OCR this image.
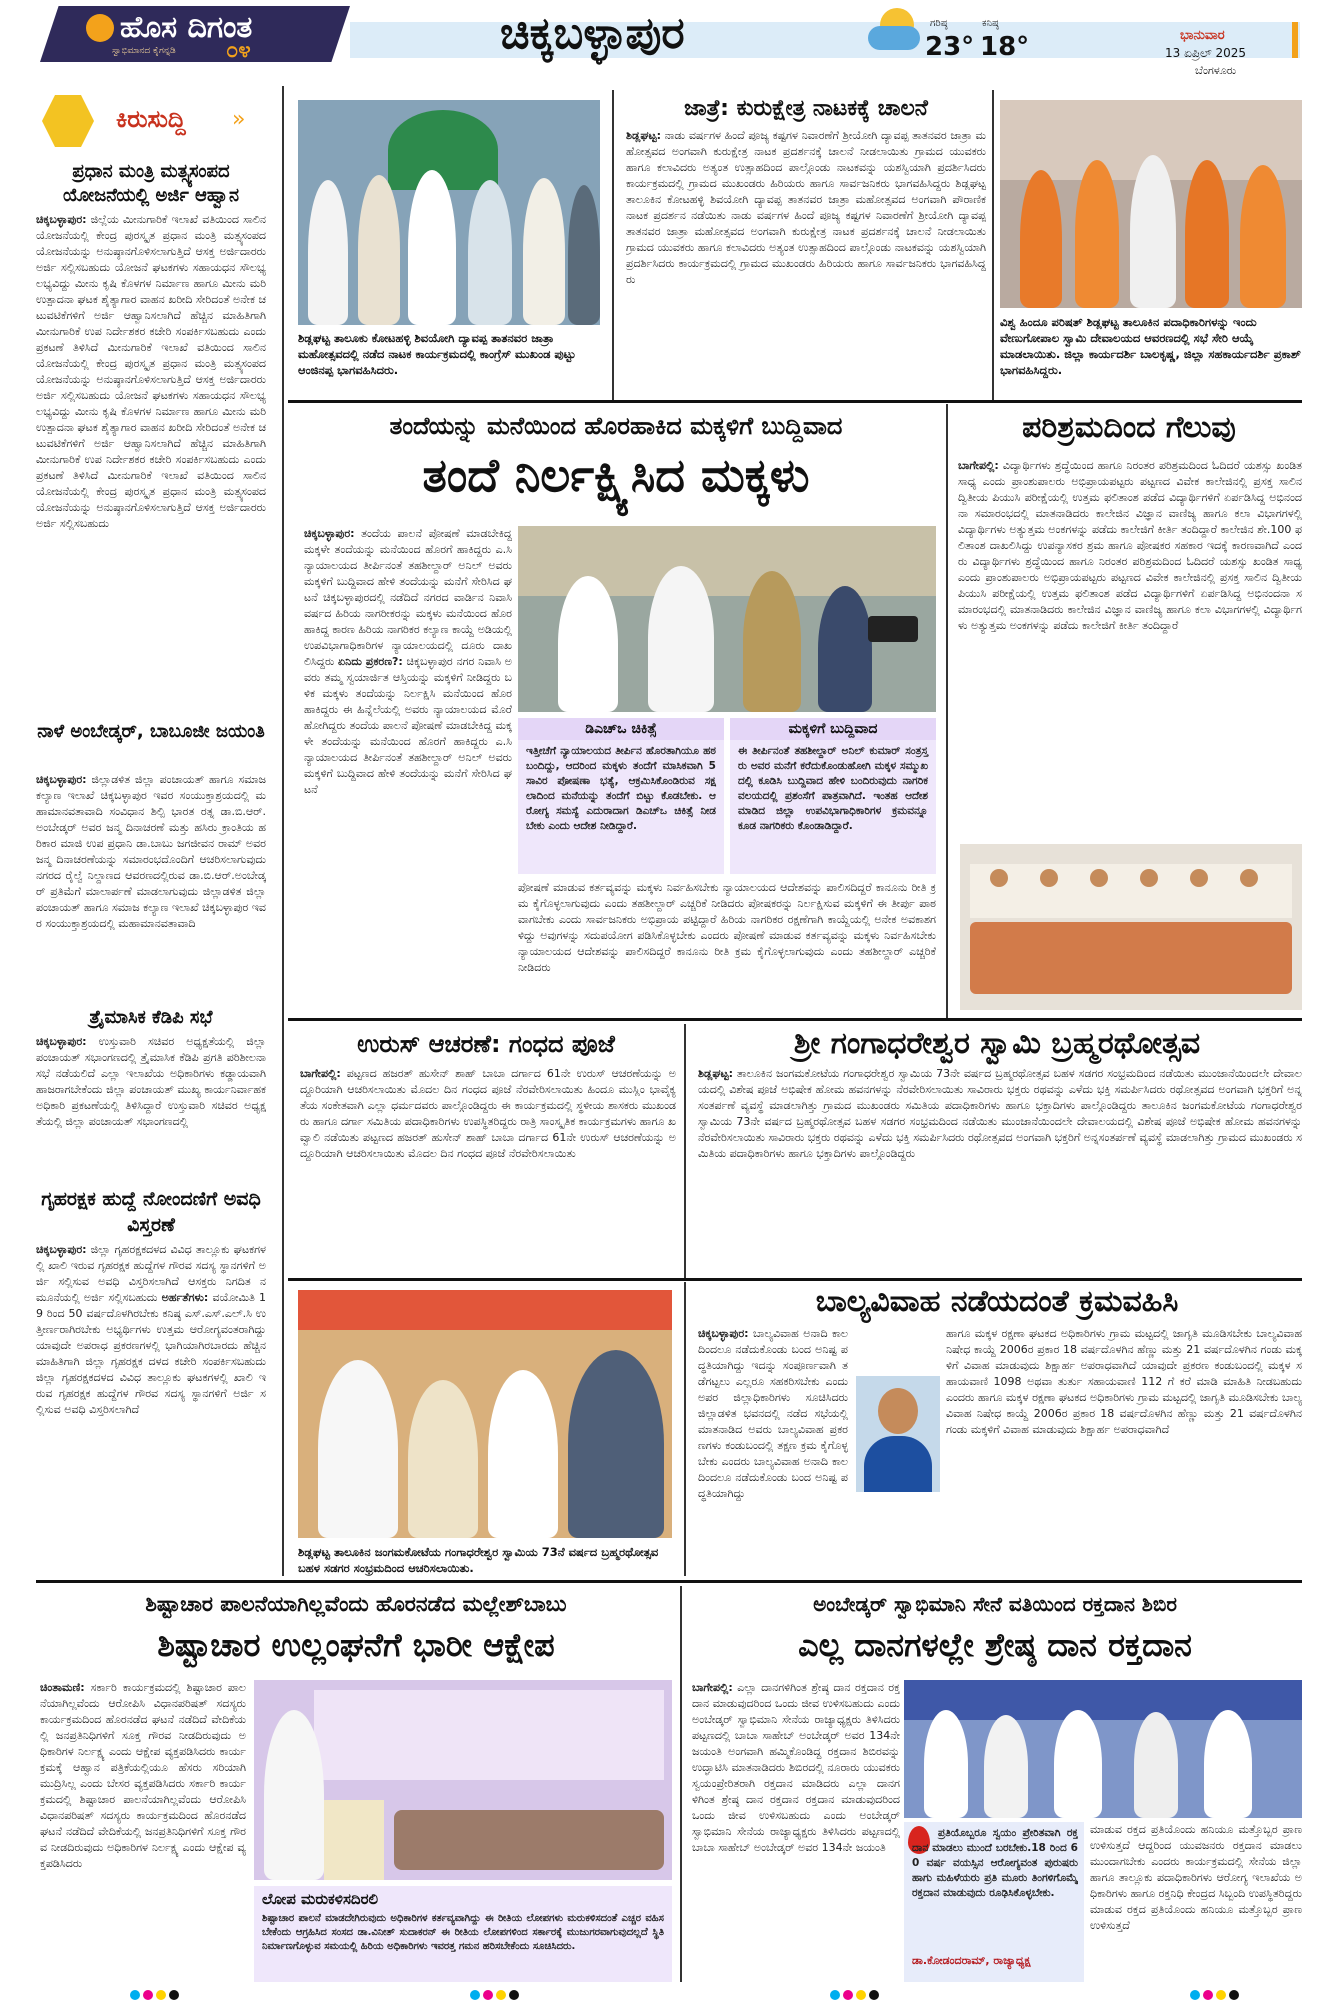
ಹೊಸ ದಿಗಂತ
ಸ್ವಾಭಿಮಾನದ ಕೈಗನ್ನಡಿ ೦೪	ಚಿಕ್ಕಬಳ್ಳಾಪುರ	ಗರಿಷ್ಠ
23°
ಕನಿಷ್ಠ
18°	ಭಾನುವಾರ
13 ಏಪ್ರಿಲ್ 2025
ಬೆಂಗಳೂರು
ಕಿರುಸುದ್ದಿ »
ಪ್ರಧಾನ ಮಂತ್ರಿ ಮತ್ಸ್ಯಸಂಪದ ಯೋಜನೆಯಲ್ಲಿ ಅರ್ಜಿ ಆಹ್ವಾನ
ಚಿಕ್ಕಬಳ್ಳಾಪುರ: ಜಿಲ್ಲೆಯ ಮೀನುಗಾರಿಕೆ ಇಲಾಖೆ ವತಿಯಿಂದ ಸಾಲಿನ ಯೋಜನೆಯಲ್ಲಿ ಕೇಂದ್ರ ಪುರಸ್ಕೃತ ಪ್ರಧಾನ ಮಂತ್ರಿ ಮತ್ಸ್ಯಸಂಪದ ಯೋಜನೆಯನ್ನು ಅನುಷ್ಠಾನಗೊಳಿಸಲಾಗುತ್ತಿದೆ ಆಸಕ್ತ ಅರ್ಜಿದಾರರು ಅರ್ಜಿ ಸಲ್ಲಿಸಬಹುದು ಯೋಜನೆ ಘಟಕಗಳು ಸಹಾಯಧನ ಸೌಲಭ್ಯ ಲಭ್ಯವಿದ್ದು ಮೀನು ಕೃಷಿ ಕೊಳಗಳ ನಿರ್ಮಾಣ ಹಾಗೂ ಮೀನು ಮರಿ ಉತ್ಪಾದನಾ ಘಟಕ ಶೈತ್ಯಾಗಾರ ವಾಹನ ಖರೀದಿ ಸೇರಿದಂತೆ ಅನೇಕ ಚಟುವಟಿಕೆಗಳಿಗೆ ಅರ್ಜಿ ಆಹ್ವಾನಿಸಲಾಗಿದೆ ಹೆಚ್ಚಿನ ಮಾಹಿತಿಗಾಗಿ ಮೀನುಗಾರಿಕೆ ಉಪ ನಿರ್ದೇಶಕರ ಕಚೇರಿ ಸಂಪರ್ಕಿಸಬಹುದು ಎಂದು ಪ್ರಕಟಣೆ ತಿಳಿಸಿದೆ ಮೀನುಗಾರಿಕೆ ಇಲಾಖೆ ವತಿಯಿಂದ ಸಾಲಿನ ಯೋಜನೆಯಲ್ಲಿ ಕೇಂದ್ರ ಪುರಸ್ಕೃತ ಪ್ರಧಾನ ಮಂತ್ರಿ ಮತ್ಸ್ಯಸಂಪದ ಯೋಜನೆಯನ್ನು ಅನುಷ್ಠಾನಗೊಳಿಸಲಾಗುತ್ತಿದೆ ಆಸಕ್ತ ಅರ್ಜಿದಾರರು ಅರ್ಜಿ ಸಲ್ಲಿಸಬಹುದು ಯೋಜನೆ ಘಟಕಗಳು ಸಹಾಯಧನ ಸೌಲಭ್ಯ ಲಭ್ಯವಿದ್ದು ಮೀನು ಕೃಷಿ ಕೊಳಗಳ ನಿರ್ಮಾಣ ಹಾಗೂ ಮೀನು ಮರಿ ಉತ್ಪಾದನಾ ಘಟಕ ಶೈತ್ಯಾಗಾರ ವಾಹನ ಖರೀದಿ ಸೇರಿದಂತೆ ಅನೇಕ ಚಟುವಟಿಕೆಗಳಿಗೆ ಅರ್ಜಿ ಆಹ್ವಾನಿಸಲಾಗಿದೆ ಹೆಚ್ಚಿನ ಮಾಹಿತಿಗಾಗಿ ಮೀನುಗಾರಿಕೆ ಉಪ ನಿರ್ದೇಶಕರ ಕಚೇರಿ ಸಂಪರ್ಕಿಸಬಹುದು ಎಂದು ಪ್ರಕಟಣೆ ತಿಳಿಸಿದೆ ಮೀನುಗಾರಿಕೆ ಇಲಾಖೆ ವತಿಯಿಂದ ಸಾಲಿನ ಯೋಜನೆಯಲ್ಲಿ ಕೇಂದ್ರ ಪುರಸ್ಕೃತ ಪ್ರಧಾನ ಮಂತ್ರಿ ಮತ್ಸ್ಯಸಂಪದ ಯೋಜನೆಯನ್ನು ಅನುಷ್ಠಾನಗೊಳಿಸಲಾಗುತ್ತಿದೆ ಆಸಕ್ತ ಅರ್ಜಿದಾರರು ಅರ್ಜಿ ಸಲ್ಲಿಸಬಹುದು
ನಾಳೆ ಅಂಬೇಡ್ಕರ್, ಬಾಬೂಜೀ ಜಯಂತಿ
ಚಿಕ್ಕಬಳ್ಳಾಪುರ: ಜಿಲ್ಲಾಡಳಿತ ಜಿಲ್ಲಾ ಪಂಚಾಯತ್ ಹಾಗೂ ಸಮಾಜ ಕಲ್ಯಾಣ ಇಲಾಖೆ ಚಿಕ್ಕಬಳ್ಳಾಪುರ ಇವರ ಸಂಯುಕ್ತಾಶ್ರಯದಲ್ಲಿ ಮಹಾಮಾನವತಾವಾದಿ ಸಂವಿಧಾನ ಶಿಲ್ಪಿ ಭಾರತ ರತ್ನ ಡಾ.ಬಿ.ಆರ್.ಅಂಬೇಡ್ಕರ್ ಅವರ ಜನ್ಮ ದಿನಾಚರಣೆ ಮತ್ತು ಹಸಿರು ಕ್ರಾಂತಿಯ ಹರಿಕಾರ ಮಾಜಿ ಉಪ ಪ್ರಧಾನಿ ಡಾ.ಬಾಬು ಜಗಜೀವನ ರಾಮ್ ಅವರ ಜನ್ಮ ದಿನಾಚರಣೆಯನ್ನು ಸಮಾರಂಭದೊಂದಿಗೆ ಆಚರಿಸಲಾಗುವುದು ನಗರದ ರೈಲ್ವೆ ನಿಲ್ದಾಣದ ಆವರಣದಲ್ಲಿರುವ ಡಾ.ಬಿ.ಆರ್.ಅಂಬೇಡ್ಕರ್ ಪ್ರತಿಮೆಗೆ ಮಾಲಾರ್ಪಣೆ ಮಾಡಲಾಗುವುದು ಜಿಲ್ಲಾಡಳಿತ ಜಿಲ್ಲಾ ಪಂಚಾಯತ್ ಹಾಗೂ ಸಮಾಜ ಕಲ್ಯಾಣ ಇಲಾಖೆ ಚಿಕ್ಕಬಳ್ಳಾಪುರ ಇವರ ಸಂಯುಕ್ತಾಶ್ರಯದಲ್ಲಿ ಮಹಾಮಾನವತಾವಾದಿ
ತ್ರೈಮಾಸಿಕ ಕೆಡಿಪಿ ಸಭೆ
ಚಿಕ್ಕಬಳ್ಳಾಪುರ: ಉಸ್ತುವಾರಿ ಸಚಿವರ ಅಧ್ಯಕ್ಷತೆಯಲ್ಲಿ ಜಿಲ್ಲಾ ಪಂಚಾಯತ್ ಸಭಾಂಗಣದಲ್ಲಿ ತ್ರೈಮಾಸಿಕ ಕೆಡಿಪಿ ಪ್ರಗತಿ ಪರಿಶೀಲನಾ ಸಭೆ ನಡೆಯಲಿದೆ ಎಲ್ಲಾ ಇಲಾಖೆಯ ಅಧಿಕಾರಿಗಳು ಕಡ್ಡಾಯವಾಗಿ ಹಾಜರಾಗಬೇಕೆಂದು ಜಿಲ್ಲಾ ಪಂಚಾಯತ್ ಮುಖ್ಯ ಕಾರ್ಯನಿರ್ವಾಹಕ ಅಧಿಕಾರಿ ಪ್ರಕಟಣೆಯಲ್ಲಿ ತಿಳಿಸಿದ್ದಾರೆ ಉಸ್ತುವಾರಿ ಸಚಿವರ ಅಧ್ಯಕ್ಷತೆಯಲ್ಲಿ ಜಿಲ್ಲಾ ಪಂಚಾಯತ್ ಸಭಾಂಗಣದಲ್ಲಿ
ಗೃಹರಕ್ಷಕ ಹುದ್ದೆ ನೋಂದಣಿಗೆ ಅವಧಿ ವಿಸ್ತರಣೆ
ಚಿಕ್ಕಬಳ್ಳಾಪುರ: ಜಿಲ್ಲಾ ಗೃಹರಕ್ಷಕದಳದ ವಿವಿಧ ತಾಲ್ಲೂಕು ಘಟಕಗಳಲ್ಲಿ ಖಾಲಿ ಇರುವ ಗೃಹರಕ್ಷಕ ಹುದ್ದೆಗಳ ಗೌರವ ಸದಸ್ಯ ಸ್ಥಾನಗಳಿಗೆ ಅರ್ಜಿ ಸಲ್ಲಿಸುವ ಅವಧಿ ವಿಸ್ತರಿಸಲಾಗಿದೆ ಆಸಕ್ತರು ನಿಗದಿತ ನಮೂನೆಯಲ್ಲಿ ಅರ್ಜಿ ಸಲ್ಲಿಸಬಹುದು ಅರ್ಹತೆಗಳು: ವಯೋಮಿತಿ 19 ರಿಂದ 50 ವರ್ಷದೊಳಗಿರಬೇಕು ಕನಿಷ್ಠ ಎಸ್.ಎಸ್.ಎಲ್.ಸಿ ಉತ್ತೀರ್ಣರಾಗಿರಬೇಕು ಅಭ್ಯರ್ಥಿಗಳು ಉತ್ತಮ ಆರೋಗ್ಯವಂತರಾಗಿದ್ದು ಯಾವುದೇ ಅಪರಾಧ ಪ್ರಕರಣಗಳಲ್ಲಿ ಭಾಗಿಯಾಗಿರಬಾರದು ಹೆಚ್ಚಿನ ಮಾಹಿತಿಗಾಗಿ ಜಿಲ್ಲಾ ಗೃಹರಕ್ಷಕ ದಳದ ಕಚೇರಿ ಸಂಪರ್ಕಿಸಬಹುದು ಜಿಲ್ಲಾ ಗೃಹರಕ್ಷಕದಳದ ವಿವಿಧ ತಾಲ್ಲೂಕು ಘಟಕಗಳಲ್ಲಿ ಖಾಲಿ ಇರುವ ಗೃಹರಕ್ಷಕ ಹುದ್ದೆಗಳ ಗೌರವ ಸದಸ್ಯ ಸ್ಥಾನಗಳಿಗೆ ಅರ್ಜಿ ಸಲ್ಲಿಸುವ ಅವಧಿ ವಿಸ್ತರಿಸಲಾಗಿದೆ
ಶಿಡ್ಲಘಟ್ಟ ತಾಲೂಕು ಕೋಟಹಳ್ಳಿ ಶಿವಯೋಗಿ ದ್ಯಾವಪ್ಪ ತಾತನವರ ಜಾತ್ರಾ ಮಹೋತ್ಸವದಲ್ಲಿ ನಡೆದ ನಾಟಕ ಕಾರ್ಯಕ್ರಮದಲ್ಲಿ ಕಾಂಗ್ರೆಸ್ ಮುಖಂಡ ಪುಟ್ಟು ಆಂಜಿನಪ್ಪ ಭಾಗವಹಿಸಿದರು.
ಜಾತ್ರೆ: ಕುರುಕ್ಷೇತ್ರ ನಾಟಕಕ್ಕೆ ಚಾಲನೆ
ಶಿಡ್ಲಘಟ್ಟ: ನಾಡು ವರ್ಷಗಳ ಹಿಂದೆ ಪೂಜ್ಯ ಕಷ್ಟಗಳ ನಿವಾರಣೆಗೆ ಶ್ರೀಯೋಗಿ ದ್ಯಾವಪ್ಪ ತಾತನವರ ಜಾತ್ರಾ ಮಹೋತ್ಸವದ ಅಂಗವಾಗಿ ಕುರುಕ್ಷೇತ್ರ ನಾಟಕ ಪ್ರದರ್ಶನಕ್ಕೆ ಚಾಲನೆ ನೀಡಲಾಯಿತು ಗ್ರಾಮದ ಯುವಕರು ಹಾಗೂ ಕಲಾವಿದರು ಅತ್ಯಂತ ಉತ್ಸಾಹದಿಂದ ಪಾಲ್ಗೊಂಡು ನಾಟಕವನ್ನು ಯಶಸ್ವಿಯಾಗಿ ಪ್ರದರ್ಶಿಸಿದರು ಕಾರ್ಯಕ್ರಮದಲ್ಲಿ ಗ್ರಾಮದ ಮುಖಂಡರು ಹಿರಿಯರು ಹಾಗೂ ಸಾರ್ವಜನಿಕರು ಭಾಗವಹಿಸಿದ್ದರು ಶಿಡ್ಲಘಟ್ಟ ತಾಲೂಕಿನ ಕೋಟಹಳ್ಳಿ ಶಿವಯೋಗಿ ದ್ಯಾವಪ್ಪ ತಾತನವರ ಜಾತ್ರಾ ಮಹೋತ್ಸವದ ಅಂಗವಾಗಿ ಪೌರಾಣಿಕ ನಾಟಕ ಪ್ರದರ್ಶನ ನಡೆಯಿತು ನಾಡು ವರ್ಷಗಳ ಹಿಂದೆ ಪೂಜ್ಯ ಕಷ್ಟಗಳ ನಿವಾರಣೆಗೆ ಶ್ರೀಯೋಗಿ ದ್ಯಾವಪ್ಪ ತಾತನವರ ಜಾತ್ರಾ ಮಹೋತ್ಸವದ ಅಂಗವಾಗಿ ಕುರುಕ್ಷೇತ್ರ ನಾಟಕ ಪ್ರದರ್ಶನಕ್ಕೆ ಚಾಲನೆ ನೀಡಲಾಯಿತು ಗ್ರಾಮದ ಯುವಕರು ಹಾಗೂ ಕಲಾವಿದರು ಅತ್ಯಂತ ಉತ್ಸಾಹದಿಂದ ಪಾಲ್ಗೊಂಡು ನಾಟಕವನ್ನು ಯಶಸ್ವಿಯಾಗಿ ಪ್ರದರ್ಶಿಸಿದರು ಕಾರ್ಯಕ್ರಮದಲ್ಲಿ ಗ್ರಾಮದ ಮುಖಂಡರು ಹಿರಿಯರು ಹಾಗೂ ಸಾರ್ವಜನಿಕರು ಭಾಗವಹಿಸಿದ್ದರು
ವಿಶ್ವ ಹಿಂದೂ ಪರಿಷತ್ ಶಿಡ್ಲಘಟ್ಟ ತಾಲೂಕಿನ ಪದಾಧಿಕಾರಿಗಳನ್ನು ಇಂದು ವೇಣುಗೋಪಾಲ ಸ್ವಾಮಿ ದೇವಾಲಯದ ಆವರಣದಲ್ಲಿ ಸಭೆ ಸೇರಿ ಆಯ್ಕೆ ಮಾಡಲಾಯಿತು. ಜಿಲ್ಲಾ ಕಾರ್ಯದರ್ಶಿ ಬಾಲಕೃಷ್ಣ, ಜಿಲ್ಲಾ ಸಹಕಾರ್ಯದರ್ಶಿ ಪ್ರಕಾಶ್ ಭಾಗವಹಿಸಿದ್ದರು.
ತಂದೆಯನ್ನು ಮನೆಯಿಂದ ಹೊರಹಾಕಿದ ಮಕ್ಕಳಿಗೆ ಬುದ್ದಿವಾದ
ತಂದೆ ನಿರ್ಲಕ್ಷ್ಯಿಸಿದ ಮಕ್ಕಳು
ಚಿಕ್ಕಬಳ್ಳಾಪುರ: ತಂದೆಯ ಪಾಲನೆ ಪೋಷಣೆ ಮಾಡಬೇಕಿದ್ದ ಮಕ್ಕಳೇ ತಂದೆಯನ್ನು ಮನೆಯಿಂದ ಹೊರಗೆ ಹಾಕಿದ್ದರು ಎ.ಸಿ ನ್ಯಾಯಾಲಯದ ತೀರ್ಪಿನಂತೆ ತಹಶೀಲ್ದಾರ್ ಅನಿಲ್ ಅವರು ಮಕ್ಕಳಿಗೆ ಬುದ್ದಿವಾದ ಹೇಳಿ ತಂದೆಯನ್ನು ಮನೆಗೆ ಸೇರಿಸಿದ ಘಟನೆ ಚಿಕ್ಕಬಳ್ಳಾಪುರದಲ್ಲಿ ನಡೆದಿದೆ ನಗರದ ವಾರ್ಡಿನ ನಿವಾಸಿ ವರ್ಷದ ಹಿರಿಯ ನಾಗರೀಕರನ್ನು ಮಕ್ಕಳು ಮನೆಯಿಂದ ಹೊರಹಾಕಿದ್ದ ಕಾರಣ ಹಿರಿಯ ನಾಗರಿಕರ ಕಲ್ಯಾಣ ಕಾಯ್ದೆ ಅಡಿಯಲ್ಲಿ ಉಪವಿಭಾಗಾಧಿಕಾರಿಗಳ ನ್ಯಾಯಾಲಯದಲ್ಲಿ ದೂರು ದಾಖಲಿಸಿದ್ದರು ಏನಿದು ಪ್ರಕರಣ?: ಚಿಕ್ಕಬಳ್ಳಾಪುರ ನಗರ ನಿವಾಸಿ ಅವರು ತಮ್ಮ ಸ್ವಯಾರ್ಜಿತ ಆಸ್ತಿಯನ್ನು ಮಕ್ಕಳಿಗೆ ನೀಡಿದ್ದರು ಬಳಿಕ ಮಕ್ಕಳು ತಂದೆಯನ್ನು ನಿರ್ಲಕ್ಷಿಸಿ ಮನೆಯಿಂದ ಹೊರಹಾಕಿದ್ದರು ಈ ಹಿನ್ನೆಲೆಯಲ್ಲಿ ಅವರು ನ್ಯಾಯಾಲಯದ ಮೊರೆ ಹೋಗಿದ್ದರು ತಂದೆಯ ಪಾಲನೆ ಪೋಷಣೆ ಮಾಡಬೇಕಿದ್ದ ಮಕ್ಕಳೇ ತಂದೆಯನ್ನು ಮನೆಯಿಂದ ಹೊರಗೆ ಹಾಕಿದ್ದರು ಎ.ಸಿ ನ್ಯಾಯಾಲಯದ ತೀರ್ಪಿನಂತೆ ತಹಶೀಲ್ದಾರ್ ಅನಿಲ್ ಅವರು ಮಕ್ಕಳಿಗೆ ಬುದ್ದಿವಾದ ಹೇಳಿ ತಂದೆಯನ್ನು ಮನೆಗೆ ಸೇರಿಸಿದ ಘಟನೆ
ಡಿಎಚ್‌ಒ ಚಿಕಿತ್ಸೆ
ಇತ್ತೀಚೆಗೆ ನ್ಯಾಯಾಲಯದ ತೀರ್ಪಿನ ಹೊರತಾಗಿಯೂ ಹಠ ಬಂದಿದ್ದು, ಆದರಿಂದ ಮಕ್ಕಳು ತಂದೆಗೆ ಮಾಸಿಕವಾಗಿ 5 ಸಾವಿರ ಪೋಷಣಾ ಭತ್ಯೆ, ಆಕ್ರಮಿಸಿಕೊಂಡಿರುವ ಸಕ್ಷಲಾದಿಂದ ಮನೆಯನ್ನು ತಂದೆಗೆ ಬಿಟ್ಟು ಕೊಡಬೇಕು. ಆರೋಗ್ಯ ಸಮಸ್ಯೆ ಎದುರಾದಾಗ ಡಿಎಚ್ಒ ಚಿಕಿತ್ಸೆ ನೀಡಬೇಕು ಎಂದು ಆದೇಶ ನೀಡಿದ್ದಾರೆ.
ಮಕ್ಕಳಿಗೆ ಬುದ್ದಿವಾದ
ಈ ತೀರ್ಪಿನಂತೆ ತಹಶೀಲ್ದಾರ್ ಅನಿಲ್ ಕುಮಾರ್ ಸಂತ್ರಸ್ತರು ಅವರ ಮನೆಗೆ ಕರೆದುಕೊಂಡುಹೋಗಿ ಮಕ್ಕಳ ಸಮ್ಮುಖದಲ್ಲಿ ಕೂಡಿಸಿ ಬುದ್ದಿವಾದ ಹೇಳಿ ಬಂದಿರುವುದು ನಾಗರಿಕ ವಲಯದಲ್ಲಿ ಪ್ರಶಂಸೆಗೆ ಪಾತ್ರವಾಗಿದೆ. ಇಂತಹ ಆದೇಶ ಮಾಡಿದ ಜಿಲ್ಲಾ ಉಪವಿಭಾಗಾಧಿಕಾರಿಗಳ ಕ್ರಮವನ್ನೂ ಕೂಡ ನಾಗರಿಕರು ಕೊಂಡಾಡಿದ್ದಾರೆ.
ಪೋಷಣೆ ಮಾಡುವ ಕರ್ತವ್ಯವನ್ನು ಮಕ್ಕಳು ನಿರ್ವಹಿಸಬೇಕು ನ್ಯಾಯಾಲಯದ ಆದೇಶವನ್ನು ಪಾಲಿಸದಿದ್ದರೆ ಕಾನೂನು ರೀತಿ ಕ್ರಮ ಕೈಗೊಳ್ಳಲಾಗುವುದು ಎಂದು ತಹಶೀಲ್ದಾರ್ ಎಚ್ಚರಿಕೆ ನೀಡಿದರು ಪೋಷಕರನ್ನು ನಿರ್ಲಕ್ಷಿಸುವ ಮಕ್ಕಳಿಗೆ ಈ ತೀರ್ಪು ಪಾಠವಾಗಬೇಕು ಎಂದು ಸಾರ್ವಜನಿಕರು ಅಭಿಪ್ರಾಯ ಪಟ್ಟಿದ್ದಾರೆ ಹಿರಿಯ ನಾಗರಿಕರ ರಕ್ಷಣೆಗಾಗಿ ಕಾಯ್ದೆಯಲ್ಲಿ ಅನೇಕ ಅವಕಾಶಗಳಿದ್ದು ಅವುಗಳನ್ನು ಸದುಪಯೋಗ ಪಡಿಸಿಕೊಳ್ಳಬೇಕು ಎಂದರು ಪೋಷಣೆ ಮಾಡುವ ಕರ್ತವ್ಯವನ್ನು ಮಕ್ಕಳು ನಿರ್ವಹಿಸಬೇಕು ನ್ಯಾಯಾಲಯದ ಆದೇಶವನ್ನು ಪಾಲಿಸದಿದ್ದರೆ ಕಾನೂನು ರೀತಿ ಕ್ರಮ ಕೈಗೊಳ್ಳಲಾಗುವುದು ಎಂದು ತಹಶೀಲ್ದಾರ್ ಎಚ್ಚರಿಕೆ ನೀಡಿದರು
ಪರಿಶ್ರಮದಿಂದ ಗೆಲುವು
ಬಾಗೇಪಲ್ಲಿ: ವಿದ್ಯಾರ್ಥಿಗಳು ಶ್ರದ್ಧೆಯಿಂದ ಹಾಗೂ ನಿರಂತರ ಪರಿಶ್ರಮದಿಂದ ಓದಿದರೆ ಯಶಸ್ಸು ಖಂಡಿತ ಸಾಧ್ಯ ಎಂದು ಪ್ರಾಂಶುಪಾಲರು ಅಭಿಪ್ರಾಯಪಟ್ಟರು ಪಟ್ಟಣದ ವಿವೇಕ ಕಾಲೇಜಿನಲ್ಲಿ ಪ್ರಸಕ್ತ ಸಾಲಿನ ದ್ವಿತೀಯ ಪಿಯುಸಿ ಪರೀಕ್ಷೆಯಲ್ಲಿ ಉತ್ತಮ ಫಲಿತಾಂಶ ಪಡೆದ ವಿದ್ಯಾರ್ಥಿಗಳಿಗೆ ಏರ್ಪಡಿಸಿದ್ದ ಅಭಿನಂದನಾ ಸಮಾರಂಭದಲ್ಲಿ ಮಾತನಾಡಿದರು ಕಾಲೇಜಿನ ವಿಜ್ಞಾನ ವಾಣಿಜ್ಯ ಹಾಗೂ ಕಲಾ ವಿಭಾಗಗಳಲ್ಲಿ ವಿದ್ಯಾರ್ಥಿಗಳು ಅತ್ಯುತ್ತಮ ಅಂಕಗಳನ್ನು ಪಡೆದು ಕಾಲೇಜಿಗೆ ಕೀರ್ತಿ ತಂದಿದ್ದಾರೆ ಕಾಲೇಜಿನ ಶೇ.100 ಫಲಿತಾಂಶ ದಾಖಲಿಸಿದ್ದು ಉಪನ್ಯಾಸಕರ ಶ್ರಮ ಹಾಗೂ ಪೋಷಕರ ಸಹಕಾರ ಇದಕ್ಕೆ ಕಾರಣವಾಗಿದೆ ಎಂದರು ವಿದ್ಯಾರ್ಥಿಗಳು ಶ್ರದ್ಧೆಯಿಂದ ಹಾಗೂ ನಿರಂತರ ಪರಿಶ್ರಮದಿಂದ ಓದಿದರೆ ಯಶಸ್ಸು ಖಂಡಿತ ಸಾಧ್ಯ ಎಂದು ಪ್ರಾಂಶುಪಾಲರು ಅಭಿಪ್ರಾಯಪಟ್ಟರು ಪಟ್ಟಣದ ವಿವೇಕ ಕಾಲೇಜಿನಲ್ಲಿ ಪ್ರಸಕ್ತ ಸಾಲಿನ ದ್ವಿತೀಯ ಪಿಯುಸಿ ಪರೀಕ್ಷೆಯಲ್ಲಿ ಉತ್ತಮ ಫಲಿತಾಂಶ ಪಡೆದ ವಿದ್ಯಾರ್ಥಿಗಳಿಗೆ ಏರ್ಪಡಿಸಿದ್ದ ಅಭಿನಂದನಾ ಸಮಾರಂಭದಲ್ಲಿ ಮಾತನಾಡಿದರು ಕಾಲೇಜಿನ ವಿಜ್ಞಾನ ವಾಣಿಜ್ಯ ಹಾಗೂ ಕಲಾ ವಿಭಾಗಗಳಲ್ಲಿ ವಿದ್ಯಾರ್ಥಿಗಳು ಅತ್ಯುತ್ತಮ ಅಂಕಗಳನ್ನು ಪಡೆದು ಕಾಲೇಜಿಗೆ ಕೀರ್ತಿ ತಂದಿದ್ದಾರೆ
ಉರುಸ್ ಆಚರಣೆ: ಗಂಧದ ಪೂಜೆ
ಬಾಗೇಪಲ್ಲಿ: ಪಟ್ಟಣದ ಹಜರತ್ ಹುಸೇನ್ ಶಾಹ್ ಬಾಬಾ ದರ್ಗಾದ 61ನೇ ಉರುಸ್ ಆಚರಣೆಯನ್ನು ಅದ್ದೂರಿಯಾಗಿ ಆಚರಿಸಲಾಯಿತು ಮೊದಲ ದಿನ ಗಂಧದ ಪೂಜೆ ನೆರವೇರಿಸಲಾಯಿತು ಹಿಂದೂ ಮುಸ್ಲಿಂ ಭಾವೈಕ್ಯತೆಯ ಸಂಕೇತವಾಗಿ ಎಲ್ಲಾ ಧರ್ಮದವರು ಪಾಲ್ಗೊಂಡಿದ್ದರು ಈ ಕಾರ್ಯಕ್ರಮದಲ್ಲಿ ಸ್ಥಳೀಯ ಶಾಸಕರು ಮುಖಂಡರು ಹಾಗೂ ದರ್ಗಾ ಸಮಿತಿಯ ಪದಾಧಿಕಾರಿಗಳು ಉಪಸ್ಥಿತರಿದ್ದರು ರಾತ್ರಿ ಸಾಂಸ್ಕೃತಿಕ ಕಾರ್ಯಕ್ರಮಗಳು ಹಾಗೂ ಖವ್ವಾಲಿ ನಡೆಯಿತು ಪಟ್ಟಣದ ಹಜರತ್ ಹುಸೇನ್ ಶಾಹ್ ಬಾಬಾ ದರ್ಗಾದ 61ನೇ ಉರುಸ್ ಆಚರಣೆಯನ್ನು ಅದ್ದೂರಿಯಾಗಿ ಆಚರಿಸಲಾಯಿತು ಮೊದಲ ದಿನ ಗಂಧದ ಪೂಜೆ ನೆರವೇರಿಸಲಾಯಿತು
ಶ್ರೀ ಗಂಗಾಧರೇಶ್ವರ ಸ್ವಾಮಿ ಬ್ರಹ್ಮರಥೋತ್ಸವ
ಶಿಡ್ಲಘಟ್ಟ: ತಾಲೂಕಿನ ಜಂಗಮಕೋಟೆಯ ಗಂಗಾಧರೇಶ್ವರ ಸ್ವಾಮಿಯ 73ನೇ ವರ್ಷದ ಬ್ರಹ್ಮರಥೋತ್ಸವ ಬಹಳ ಸಡಗರ ಸಂಭ್ರಮದಿಂದ ನಡೆಯಿತು ಮುಂಜಾನೆಯಿಂದಲೇ ದೇವಾಲಯದಲ್ಲಿ ವಿಶೇಷ ಪೂಜೆ ಅಭಿಷೇಕ ಹೋಮ ಹವನಗಳನ್ನು ನೆರವೇರಿಸಲಾಯಿತು ಸಾವಿರಾರು ಭಕ್ತರು ರಥವನ್ನು ಎಳೆದು ಭಕ್ತಿ ಸಮರ್ಪಿಸಿದರು ರಥೋತ್ಸವದ ಅಂಗವಾಗಿ ಭಕ್ತರಿಗೆ ಅನ್ನಸಂತರ್ಪಣೆ ವ್ಯವಸ್ಥೆ ಮಾಡಲಾಗಿತ್ತು ಗ್ರಾಮದ ಮುಖಂಡರು ಸಮಿತಿಯ ಪದಾಧಿಕಾರಿಗಳು ಹಾಗೂ ಭಕ್ತಾದಿಗಳು ಪಾಲ್ಗೊಂಡಿದ್ದರು ತಾಲೂಕಿನ ಜಂಗಮಕೋಟೆಯ ಗಂಗಾಧರೇಶ್ವರ ಸ್ವಾಮಿಯ 73ನೇ ವರ್ಷದ ಬ್ರಹ್ಮರಥೋತ್ಸವ ಬಹಳ ಸಡಗರ ಸಂಭ್ರಮದಿಂದ ನಡೆಯಿತು ಮುಂಜಾನೆಯಿಂದಲೇ ದೇವಾಲಯದಲ್ಲಿ ವಿಶೇಷ ಪೂಜೆ ಅಭಿಷೇಕ ಹೋಮ ಹವನಗಳನ್ನು ನೆರವೇರಿಸಲಾಯಿತು ಸಾವಿರಾರು ಭಕ್ತರು ರಥವನ್ನು ಎಳೆದು ಭಕ್ತಿ ಸಮರ್ಪಿಸಿದರು ರಥೋತ್ಸವದ ಅಂಗವಾಗಿ ಭಕ್ತರಿಗೆ ಅನ್ನಸಂತರ್ಪಣೆ ವ್ಯವಸ್ಥೆ ಮಾಡಲಾಗಿತ್ತು ಗ್ರಾಮದ ಮುಖಂಡರು ಸಮಿತಿಯ ಪದಾಧಿಕಾರಿಗಳು ಹಾಗೂ ಭಕ್ತಾದಿಗಳು ಪಾಲ್ಗೊಂಡಿದ್ದರು
ಶಿಡ್ಲಘಟ್ಟ ತಾಲೂಕಿನ ಜಂಗಮಕೋಟೆಯ ಗಂಗಾಧರೇಶ್ವರ ಸ್ವಾಮಿಯ 73ನೆ ವರ್ಷದ ಬ್ರಹ್ಮರಥೋತ್ಸವ ಬಹಳ ಸಡಗರ ಸಂಭ್ರಮದಿಂದ ಆಚರಿಸಲಾಯಿತು.
ಬಾಲ್ಯವಿವಾಹ ನಡೆಯದಂತೆ ಕ್ರಮವಹಿಸಿ
ಚಿಕ್ಕಬಳ್ಳಾಪುರ: ಬಾಲ್ಯವಿವಾಹ ಅನಾದಿ ಕಾಲದಿಂದಲೂ ನಡೆದುಕೊಂಡು ಬಂದ ಅನಿಷ್ಟ ಪದ್ಧತಿಯಾಗಿದ್ದು ಇದನ್ನು ಸಂಪೂರ್ಣವಾಗಿ ತಡೆಗಟ್ಟಲು ಎಲ್ಲರೂ ಸಹಕರಿಸಬೇಕು ಎಂದು ಅಪರ ಜಿಲ್ಲಾಧಿಕಾರಿಗಳು ಸೂಚಿಸಿದರು ಜಿಲ್ಲಾಡಳಿತ ಭವನದಲ್ಲಿ ನಡೆದ ಸಭೆಯಲ್ಲಿ ಮಾತನಾಡಿದ ಅವರು ಬಾಲ್ಯವಿವಾಹ ಪ್ರಕರಣಗಳು ಕಂಡುಬಂದಲ್ಲಿ ತಕ್ಷಣ ಕ್ರಮ ಕೈಗೊಳ್ಳಬೇಕು ಎಂದರು ಬಾಲ್ಯವಿವಾಹ ಅನಾದಿ ಕಾಲದಿಂದಲೂ ನಡೆದುಕೊಂಡು ಬಂದ ಅನಿಷ್ಟ ಪದ್ಧತಿಯಾಗಿದ್ದು
ಹಾಗೂ ಮಕ್ಕಳ ರಕ್ಷಣಾ ಘಟಕದ ಅಧಿಕಾರಿಗಳು ಗ್ರಾಮ ಮಟ್ಟದಲ್ಲಿ ಜಾಗೃತಿ ಮೂಡಿಸಬೇಕು ಬಾಲ್ಯವಿವಾಹ ನಿಷೇಧ ಕಾಯ್ದೆ 2006ರ ಪ್ರಕಾರ 18 ವರ್ಷದೊಳಗಿನ ಹೆಣ್ಣು ಮತ್ತು 21 ವರ್ಷದೊಳಗಿನ ಗಂಡು ಮಕ್ಕಳಿಗೆ ವಿವಾಹ ಮಾಡುವುದು ಶಿಕ್ಷಾರ್ಹ ಅಪರಾಧವಾಗಿದೆ ಯಾವುದೇ ಪ್ರಕರಣ ಕಂಡುಬಂದಲ್ಲಿ ಮಕ್ಕಳ ಸಹಾಯವಾಣಿ 1098 ಅಥವಾ ತುರ್ತು ಸಹಾಯವಾಣಿ 112 ಗೆ ಕರೆ ಮಾಡಿ ಮಾಹಿತಿ ನೀಡಬಹುದು ಎಂದರು ಹಾಗೂ ಮಕ್ಕಳ ರಕ್ಷಣಾ ಘಟಕದ ಅಧಿಕಾರಿಗಳು ಗ್ರಾಮ ಮಟ್ಟದಲ್ಲಿ ಜಾಗೃತಿ ಮೂಡಿಸಬೇಕು ಬಾಲ್ಯವಿವಾಹ ನಿಷೇಧ ಕಾಯ್ದೆ 2006ರ ಪ್ರಕಾರ 18 ವರ್ಷದೊಳಗಿನ ಹೆಣ್ಣು ಮತ್ತು 21 ವರ್ಷದೊಳಗಿನ ಗಂಡು ಮಕ್ಕಳಿಗೆ ವಿವಾಹ ಮಾಡುವುದು ಶಿಕ್ಷಾರ್ಹ ಅಪರಾಧವಾಗಿದೆ
ಶಿಷ್ಟಾಚಾರ ಪಾಲನೆಯಾಗಿಲ್ಲವೆಂದು ಹೊರನಡೆದ ಮಲ್ಲೇಶ್‌ಬಾಬು
ಶಿಷ್ಟಾಚಾರ ಉಲ್ಲಂಘನೆಗೆ ಭಾರೀ ಆಕ್ಷೇಪ
ಚಿಂತಾಮಣಿ: ಸರ್ಕಾರಿ ಕಾರ್ಯಕ್ರಮದಲ್ಲಿ ಶಿಷ್ಟಾಚಾರ ಪಾಲನೆಯಾಗಿಲ್ಲವೆಂದು ಆರೋಪಿಸಿ ವಿಧಾನಪರಿಷತ್ ಸದಸ್ಯರು ಕಾರ್ಯಕ್ರಮದಿಂದ ಹೊರನಡೆದ ಘಟನೆ ನಡೆದಿದೆ ವೇದಿಕೆಯಲ್ಲಿ ಜನಪ್ರತಿನಿಧಿಗಳಿಗೆ ಸೂಕ್ತ ಗೌರವ ನೀಡದಿರುವುದು ಅಧಿಕಾರಿಗಳ ನಿರ್ಲಕ್ಷ್ಯ ಎಂದು ಆಕ್ಷೇಪ ವ್ಯಕ್ತಪಡಿಸಿದರು ಕಾರ್ಯಕ್ರಮಕ್ಕೆ ಆಹ್ವಾನ ಪತ್ರಿಕೆಯಲ್ಲಿಯೂ ಹೆಸರು ಸರಿಯಾಗಿ ಮುದ್ರಿಸಿಲ್ಲ ಎಂದು ಬೇಸರ ವ್ಯಕ್ತಪಡಿಸಿದರು ಸರ್ಕಾರಿ ಕಾರ್ಯಕ್ರಮದಲ್ಲಿ ಶಿಷ್ಟಾಚಾರ ಪಾಲನೆಯಾಗಿಲ್ಲವೆಂದು ಆರೋಪಿಸಿ ವಿಧಾನಪರಿಷತ್ ಸದಸ್ಯರು ಕಾರ್ಯಕ್ರಮದಿಂದ ಹೊರನಡೆದ ಘಟನೆ ನಡೆದಿದೆ ವೇದಿಕೆಯಲ್ಲಿ ಜನಪ್ರತಿನಿಧಿಗಳಿಗೆ ಸೂಕ್ತ ಗೌರವ ನೀಡದಿರುವುದು ಅಧಿಕಾರಿಗಳ ನಿರ್ಲಕ್ಷ್ಯ ಎಂದು ಆಕ್ಷೇಪ ವ್ಯಕ್ತಪಡಿಸಿದರು
ಲೋಪ ಮರುಕಳಿಸದಿರಲಿ
ಶಿಷ್ಟಾಚಾರ ಪಾಲನೆ ಮಾಡದೇಗಿರುವುದು ಅಧಿಕಾರಿಗಳ ಕರ್ತವ್ಯವಾಗಿದ್ದು ಈ ರೀತಿಯ ಲೋಪಗಳು ಮರುಕಳಿಸದಂತೆ ಎಚ್ಚರ ವಹಿಸಬೇಕೆಂದು ಆಗ್ರಹಿಸಿದ ಸಂಸದ ಡಾ.ವಿನೀತ್ ಸುದಾಕರನ್ ಈ ರೀತಿಯ ಲೋಪಗಳಿಂದ ಸರ್ಕಾರಕ್ಕೆ ಮುಜುಗರವಾಗುವುದಲ್ಲದೆ ಸ್ಥಿತಿ ನಿರ್ಮಾಣಗೊಳ್ಳುವ ಸಮಯಲ್ಲಿ ಹಿರಿಯ ಅಧಿಕಾರಿಗಳು ಇವರತ್ತ ಗಮನ ಹರಿಸಬೇಕೆಂದು ಸೂಚಿಸಿದರು.
ಅಂಬೇಡ್ಕರ್ ಸ್ವಾಭಿಮಾನಿ ಸೇನೆ ವತಿಯಿಂದ ರಕ್ತದಾನ ಶಿಬಿರ
ಎಲ್ಲ ದಾನಗಳಲ್ಲೇ ಶ್ರೇಷ್ಠ ದಾನ ರಕ್ತದಾನ
ಬಾಗೇಪಲ್ಲಿ: ಎಲ್ಲಾ ದಾನಗಳಿಗಿಂತ ಶ್ರೇಷ್ಠ ದಾನ ರಕ್ತದಾನ ರಕ್ತದಾನ ಮಾಡುವುದರಿಂದ ಒಂದು ಜೀವ ಉಳಿಸಬಹುದು ಎಂದು ಅಂಬೇಡ್ಕರ್ ಸ್ವಾಭಿಮಾನಿ ಸೇನೆಯ ರಾಜ್ಯಾಧ್ಯಕ್ಷರು ತಿಳಿಸಿದರು ಪಟ್ಟಣದಲ್ಲಿ ಬಾಬಾ ಸಾಹೇಬ್ ಅಂಬೇಡ್ಕರ್ ಅವರ 134ನೇ ಜಯಂತಿ ಅಂಗವಾಗಿ ಹಮ್ಮಿಕೊಂಡಿದ್ದ ರಕ್ತದಾನ ಶಿಬಿರವನ್ನು ಉದ್ಘಾಟಿಸಿ ಮಾತನಾಡಿದರು ಶಿಬಿರದಲ್ಲಿ ನೂರಾರು ಯುವಕರು ಸ್ವಯಂಪ್ರೇರಿತರಾಗಿ ರಕ್ತದಾನ ಮಾಡಿದರು ಎಲ್ಲಾ ದಾನಗಳಿಗಿಂತ ಶ್ರೇಷ್ಠ ದಾನ ರಕ್ತದಾನ ರಕ್ತದಾನ ಮಾಡುವುದರಿಂದ ಒಂದು ಜೀವ ಉಳಿಸಬಹುದು ಎಂದು ಅಂಬೇಡ್ಕರ್ ಸ್ವಾಭಿಮಾನಿ ಸೇನೆಯ ರಾಜ್ಯಾಧ್ಯಕ್ಷರು ತಿಳಿಸಿದರು ಪಟ್ಟಣದಲ್ಲಿ ಬಾಬಾ ಸಾಹೇಬ್ ಅಂಬೇಡ್ಕರ್ ಅವರ 134ನೇ ಜಯಂತಿ
ಪ್ರತಿಯೊಬ್ಬರೂ ಸ್ವಯಂ ಪ್ರೇರಿತವಾಗಿ ರಕ್ತದಾನ ಮಾಡಲು ಮುಂದೆ ಬರಬೇಕು.18 ರಿಂದ 60 ವರ್ಷ ವಯಸ್ಸಿನ ಆರೋಗ್ಯವಂತ ಪುರುಷರು ಹಾಗು ಮಹಿಳೆಯರು ಪ್ರತಿ ಮೂರು ತಿಂಗಳಿಗೊಮ್ಮೆ ರಕ್ತದಾನ ಮಾಡುವುದು ರೂಢಿಸಿಕೊಳ್ಳಬೇಕು.
ಡಾ.ಕೋಡಂದರಾಮ್, ರಾಜ್ಯಾಧ್ಯಕ್ಷ
ಮಾಡುವ ರಕ್ತದ ಪ್ರತಿಯೊಂದು ಹನಿಯೂ ಮತ್ತೊಬ್ಬರ ಪ್ರಾಣ ಉಳಿಸುತ್ತದೆ ಆದ್ದರಿಂದ ಯುವಜನರು ರಕ್ತದಾನ ಮಾಡಲು ಮುಂದಾಗಬೇಕು ಎಂದರು ಕಾರ್ಯಕ್ರಮದಲ್ಲಿ ಸೇನೆಯ ಜಿಲ್ಲಾ ಹಾಗೂ ತಾಲ್ಲೂಕು ಪದಾಧಿಕಾರಿಗಳು ಆರೋಗ್ಯ ಇಲಾಖೆಯ ಅಧಿಕಾರಿಗಳು ಹಾಗೂ ರಕ್ತನಿಧಿ ಕೇಂದ್ರದ ಸಿಬ್ಬಂದಿ ಉಪಸ್ಥಿತರಿದ್ದರು ಮಾಡುವ ರಕ್ತದ ಪ್ರತಿಯೊಂದು ಹನಿಯೂ ಮತ್ತೊಬ್ಬರ ಪ್ರಾಣ ಉಳಿಸುತ್ತದೆ
